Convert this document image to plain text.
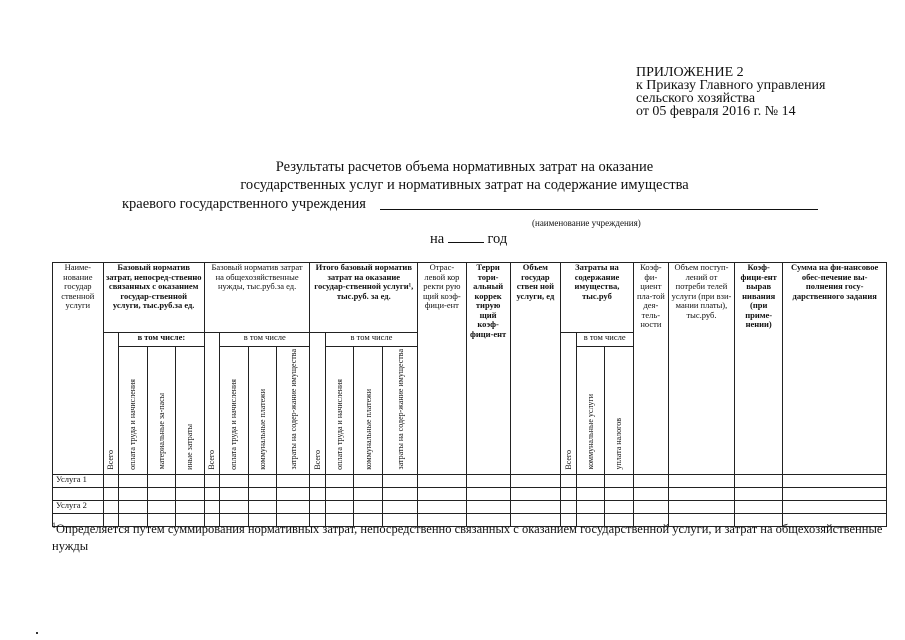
ПРИЛОЖЕНИЕ 2
к Приказу Главного управления
сельского хозяйства
от 05 февраля 2016 г. № 14
Результаты расчетов объема нормативных затрат на оказание
государственных услуг и нормативных затрат на содержание имущества
краевого государственного учреждения
(наименование учреждения)
на	год
Наиме-нование государ ственной услуги	Базовый норматив затрат, непосред-ственно связанных с оказанием государ-ственной услуги, тыс.руб.за ед.				Базовый норматив затрат на общехозяйственные нужды, тыс.руб.за ед.				Итого базовый норматив затрат на оказание государ-ственной услуги¹, тыс.руб. за ед.				Отрас-левой кор ректи рую щий коэф-фици-ент	Терри тори-альный коррек тирую щий коэф-фици-ент	Объем государ ствен ной услуги, ед	Затраты на содержание имущества, тыс.руб			Коэф-фи-циент пла-той дея-тель-ности	Объем поступ-лений от потреби телей услуги (при взи-мании платы), тыс.руб.	Коэф-фици-ент вырав нивания (при приме-нении)	Сумма на фи-нансовое обес-печение вы-полнения госу-дарственного задания
	Всего	в том числе:			Всего	в том числе			Всего	в том числе						Всего	в том числе					
		оплата труда и начисления	материальные за-пасы	иные затраты		оплата труда и начисления	коммунальные платежи	затраты на содер-жание имущества		оплата труда и начисления	коммунальные платежи	затраты на содер-жание имущества					коммунальные услуги	уплата налогов				
Услуга 1																						

Услуга 2																						

$^1$Определяется путем суммирования нормативных затрат, непосредственно связанных с оказанием государственной услуги, и затрат на общехозяйственные нужды
